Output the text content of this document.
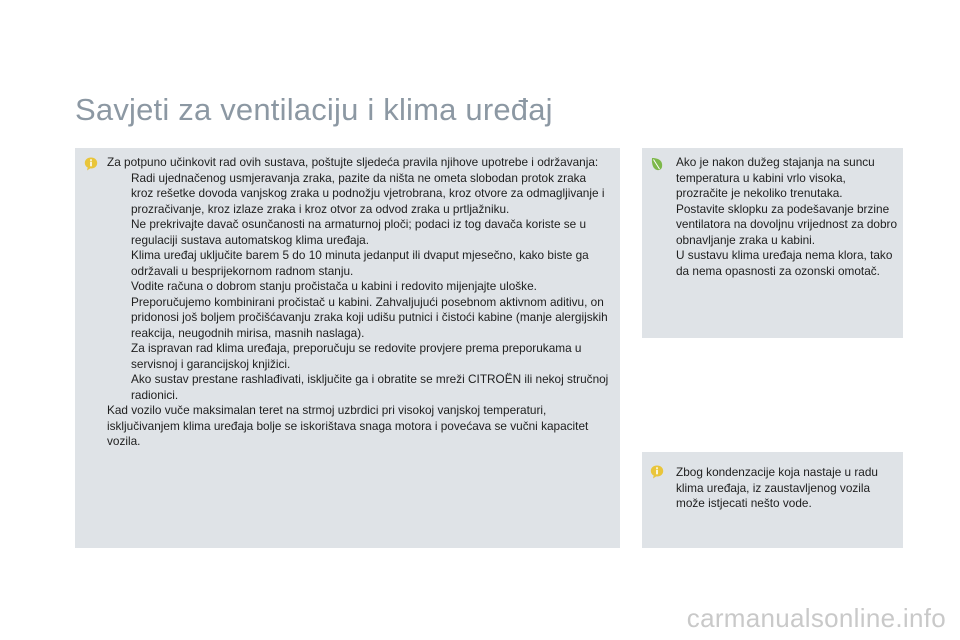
Savjeti za ventilaciju i klima uređaj

Za potpuno učinkovit rad ovih sustava, poštujte sljedeća pravila njihove upotrebe i održavanja:

Radi ujednačenog usmjeravanja zraka, pazite da ništa ne ometa slobodan protok zraka kroz rešetke dovoda vanjskog zraka u podnožju vjetrobrana, kroz otvore za odmagljivanje i prozračivanje, kroz izlaze zraka i kroz otvor za odvod zraka u prtljažniku.
Ne prekrivajte davač osunčanosti na armaturnoj ploči; podaci iz tog davača koriste se u regulaciji sustava automatskog klima uređaja.
Klima uređaj uključite barem 5 do 10 minuta jedanput ili dvaput mjesečno, kako biste ga održavali u besprijekornom radnom stanju.
Vodite računa o dobrom stanju pročistača u kabini i redovito mijenjajte uloške. Preporučujemo kombinirani pročistač u kabini. Zahvaljujući posebnom aktivnom aditivu, on pridonosi još boljem pročišćavanju zraka koji udišu putnici i čistoći kabine (manje alergijskih reakcija, neugodnih mirisa, masnih naslaga).
Za ispravan rad klima uređaja, preporučuju se redovite provjere prema preporukama u servisnoj i garancijskoj knjižici.
Ako sustav prestane rashlađivati, isključite ga i obratite se mreži CITROËN ili nekoj stručnoj radionici.

Kad vozilo vuče maksimalan teret na strmoj uzbrdici pri visokoj vanjskoj temperaturi, isključivanjem klima uređaja bolje se iskorištava snaga motora i povećava se vučni kapacitet vozila.

Ako je nakon dužeg stajanja na suncu temperatura u kabini vrlo visoka, prozračite je nekoliko trenutaka.

Postavite sklopku za podešavanje brzine ventilatora na dovoljnu vrijednost za dobro obnavljanje zraka u kabini.

U sustavu klima uređaja nema klora, tako da nema opasnosti za ozonski omotač.

Zbog kondenzacije koja nastaje u radu klima uređaja, iz zaustavljenog vozila može istjecati nešto vode.

carmanualsonline.info
